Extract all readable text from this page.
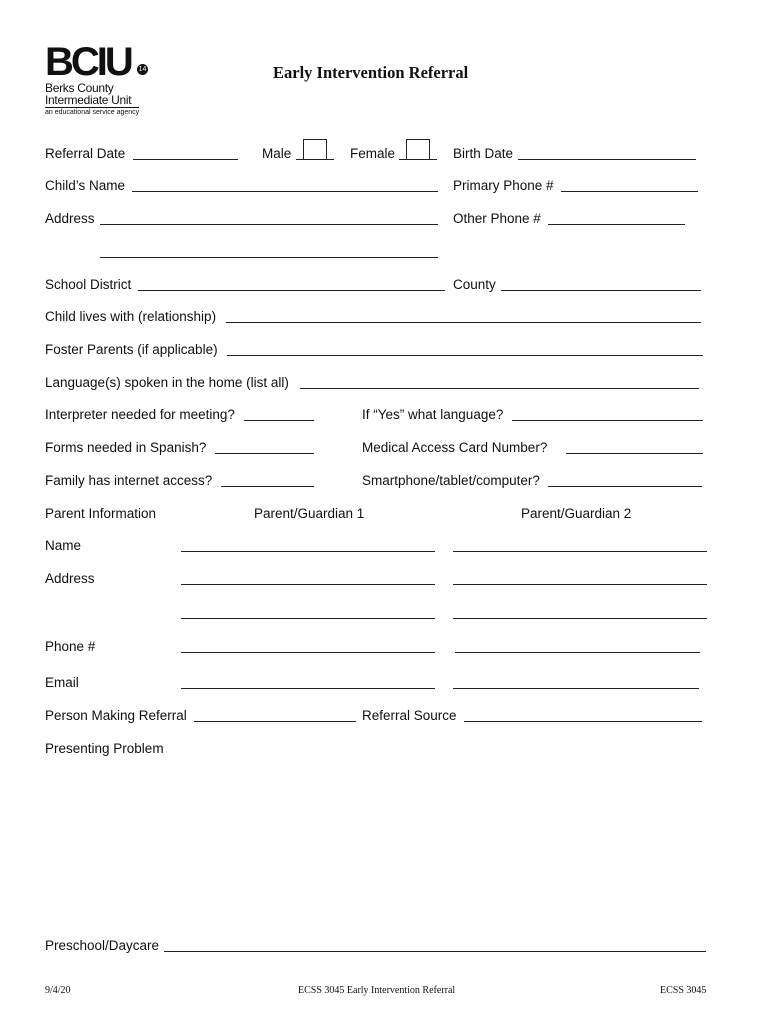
BCIU	14
Berks County
Intermediate Unit
an educational service agency
Early Intervention Referral
Referral Date	Male	Female	Birth Date
Child’s Name	Primary Phone #
Address	Other Phone #
School District	County
Child lives with (relationship)
Foster Parents (if applicable)
Language(s) spoken in the home (list all)
Interpreter needed for meeting?	If “Yes” what language?
Forms needed in Spanish?	Medical Access Card Number?
Family has internet access?	Smartphone/tablet/computer?
Parent Information	Parent/Guardian 1	Parent/Guardian 2
Name
Address
Phone #
Email
Person Making Referral	Referral Source
Presenting Problem
Preschool/Daycare
9/4/20	ECSS 3045 Early Intervention Referral	ECSS 3045
